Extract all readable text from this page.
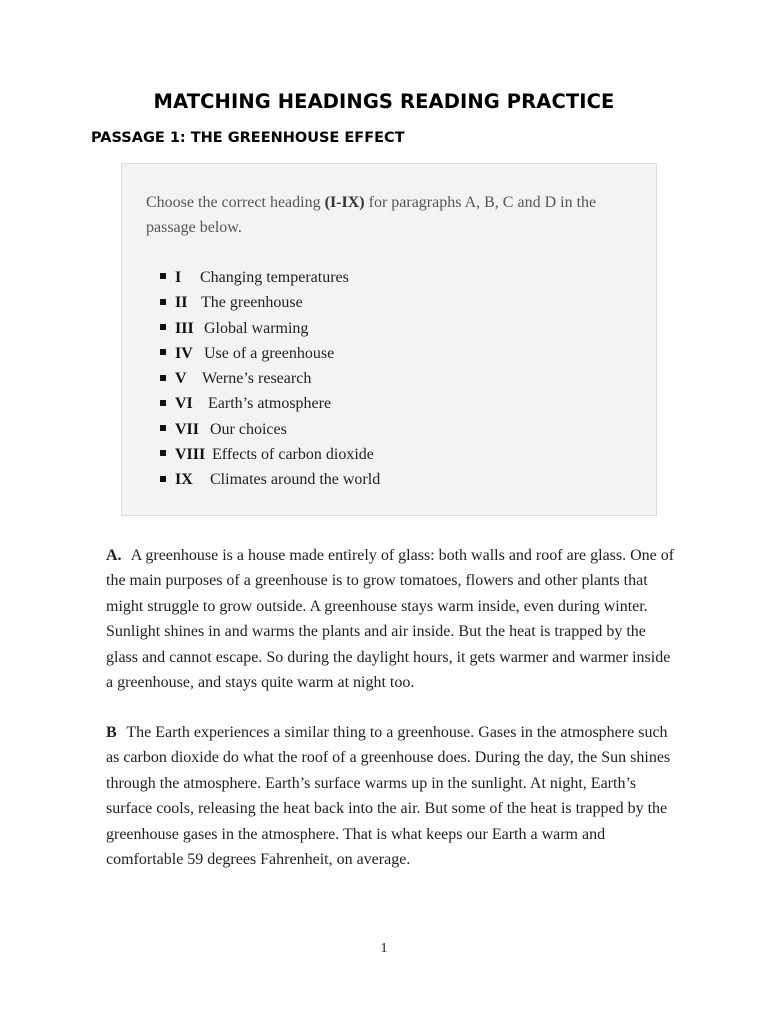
MATCHING HEADINGS READING PRACTICE
PASSAGE 1: THE GREENHOUSE EFFECT

Choose the correct heading (I-IX) for paragraphs A, B, C and D in the passage below.

I Changing temperatures
II The greenhouse
III Global warming
IV Use of a greenhouse
V Werne’s research
VI Earth’s atmosphere
VII Our choices
VIII Effects of carbon dioxide
IX Climates around the world

A. A greenhouse is a house made entirely of glass: both walls and roof are glass. One of the main purposes of a greenhouse is to grow tomatoes, flowers and other plants that might struggle to grow outside. A greenhouse stays warm inside, even during winter. Sunlight shines in and warms the plants and air inside. But the heat is trapped by the glass and cannot escape. So during the daylight hours, it gets warmer and warmer inside a greenhouse, and stays quite warm at night too.

B The Earth experiences a similar thing to a greenhouse. Gases in the atmosphere such as carbon dioxide do what the roof of a greenhouse does. During the day, the Sun shines through the atmosphere. Earth’s surface warms up in the sunlight. At night, Earth’s surface cools, releasing the heat back into the air. But some of the heat is trapped by the greenhouse gases in the atmosphere. That is what keeps our Earth a warm and comfortable 59 degrees Fahrenheit, on average.

1
